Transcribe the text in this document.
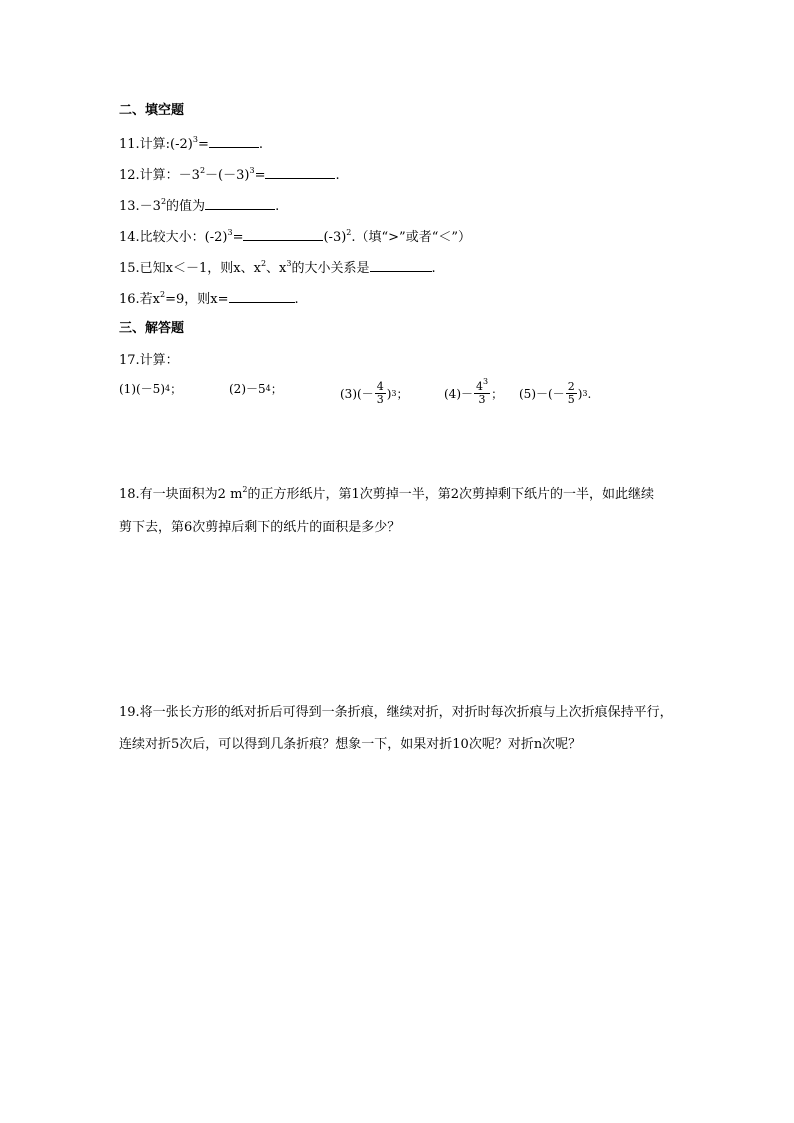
二、填空题
11.计算$:(-2)^3=$	.
12.计算：$-3^2-(-3)^3=$	.
$13.-3^2$的值为	.
14.比较大小：$(-2)^3=$	$(-3)^2$.（填“>”或者“＜”）
15.已知x＜－1，则x、$x^2$、$x^3$的大小关系是	.
16.若$x^2=9$，则x=	.
三、解答题
17.计算：
(1)(－5) 4 ；	(2)－5 4 ；	$(3)(- \frac{4}{3}$ ) 3 ；	$(4)- \frac{4^3}{3}$ ； $(5)-(- \frac{2}{5}$ ) 3 .
18.有一块面积为2 $m^2$的正方形纸片，第1次剪掉一半，第2次剪掉剩下纸片的一半，如此继续
剪下去，第6次剪掉后剩下的纸片的面积是多少？
19.将一张长方形的纸对折后可得到一条折痕，继续对折，对折时每次折痕与上次折痕保持平行，
连续对折5次后，可以得到几条折痕？想象一下，如果对折10次呢？对折n次呢？
